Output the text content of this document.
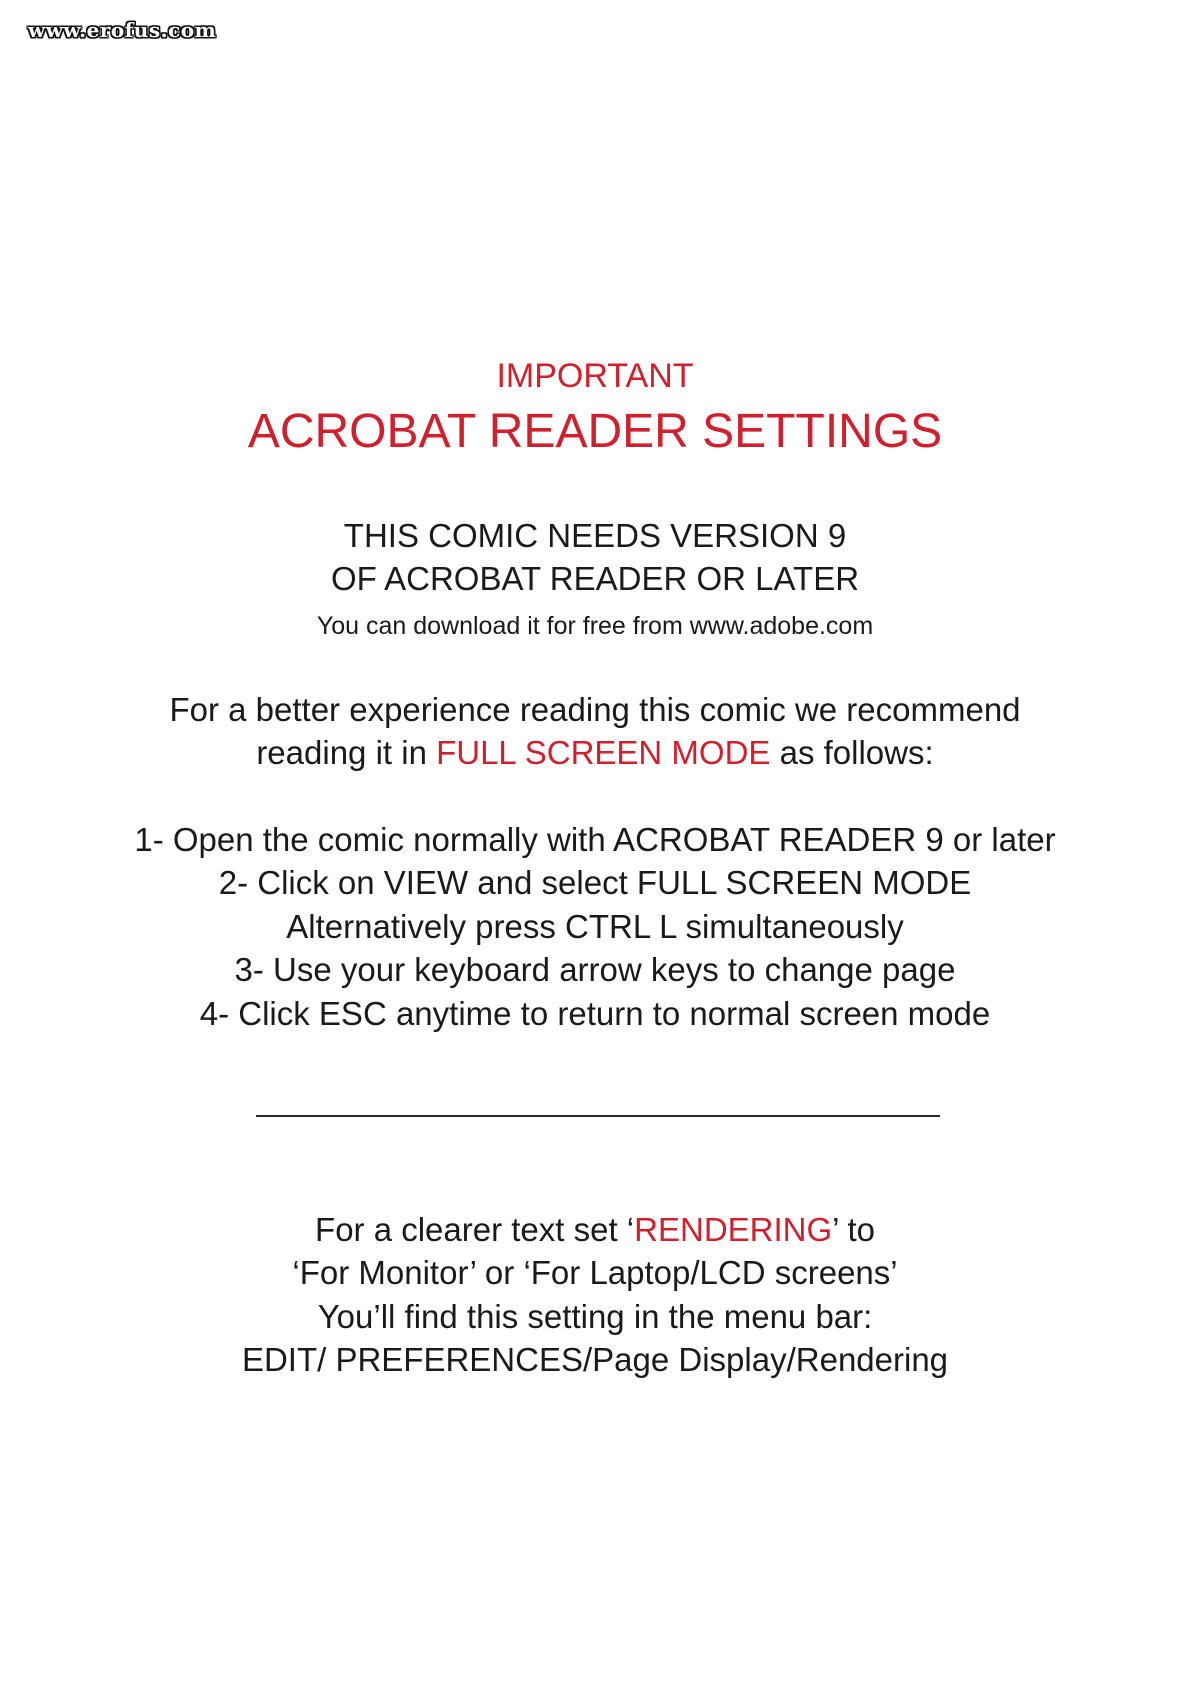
www.erofus.com
IMPORTANT
ACROBAT READER SETTINGS
THIS COMIC NEEDS VERSION 9
OF ACROBAT READER OR LATER
You can download it for free from www.adobe.com
For a better experience reading this comic we recommend
reading it in FULL SCREEN MODE as follows:
1- Open the comic normally with ACROBAT READER 9 or later
2- Click on VIEW and select FULL SCREEN MODE
Alternatively press CTRL L simultaneously
3- Use your keyboard arrow keys to change page
4- Click ESC anytime to return to normal screen mode
For a clearer text set ‘RENDERING’ to
‘For Monitor’ or ‘For Laptop/LCD screens’
You’ll find this setting in the menu bar:
EDIT/ PREFERENCES/Page Display/Rendering
